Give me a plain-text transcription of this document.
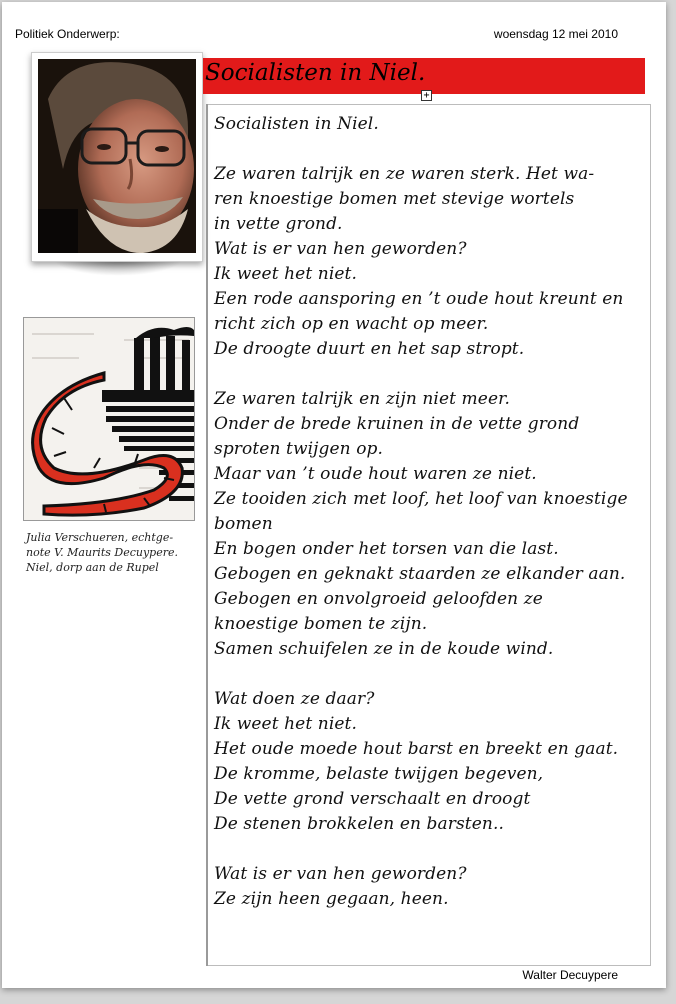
Politiek Onderwerp:	woensdag 12 mei 2010
Socialisten in Niel.
+
Julia Verschueren, echtge-
note V. Maurits Decuypere.
Niel, dorp aan de Rupel
Socialisten in Niel.
Ze waren talrijk en ze waren sterk. Het wa-
ren knoestige bomen met stevige wortels
in vette grond.
Wat is er van hen geworden?
Ik weet het niet.
Een rode aansporing en ’t oude hout kreunt en
richt zich op en wacht op meer.
De droogte duurt en het sap stropt.
Ze waren talrijk en zijn niet meer.
Onder de brede kruinen in de vette grond
sproten twijgen op.
Maar van ’t oude hout waren ze niet.
Ze tooiden zich met loof, het loof van knoestige
bomen
En bogen onder het torsen van die last.
Gebogen en geknakt staarden ze elkander aan.
Gebogen en onvolgroeid geloofden ze
knoestige bomen te zijn.
Samen schuifelen ze in de koude wind.
Wat doen ze daar?
Ik weet het niet.
Het oude moede hout barst en breekt en gaat.
De kromme, belaste twijgen begeven,
De vette grond verschaalt en droogt
De stenen brokkelen en barsten..
Wat is er van hen geworden?
Ze zijn heen gegaan, heen.
Walter Decuypere
